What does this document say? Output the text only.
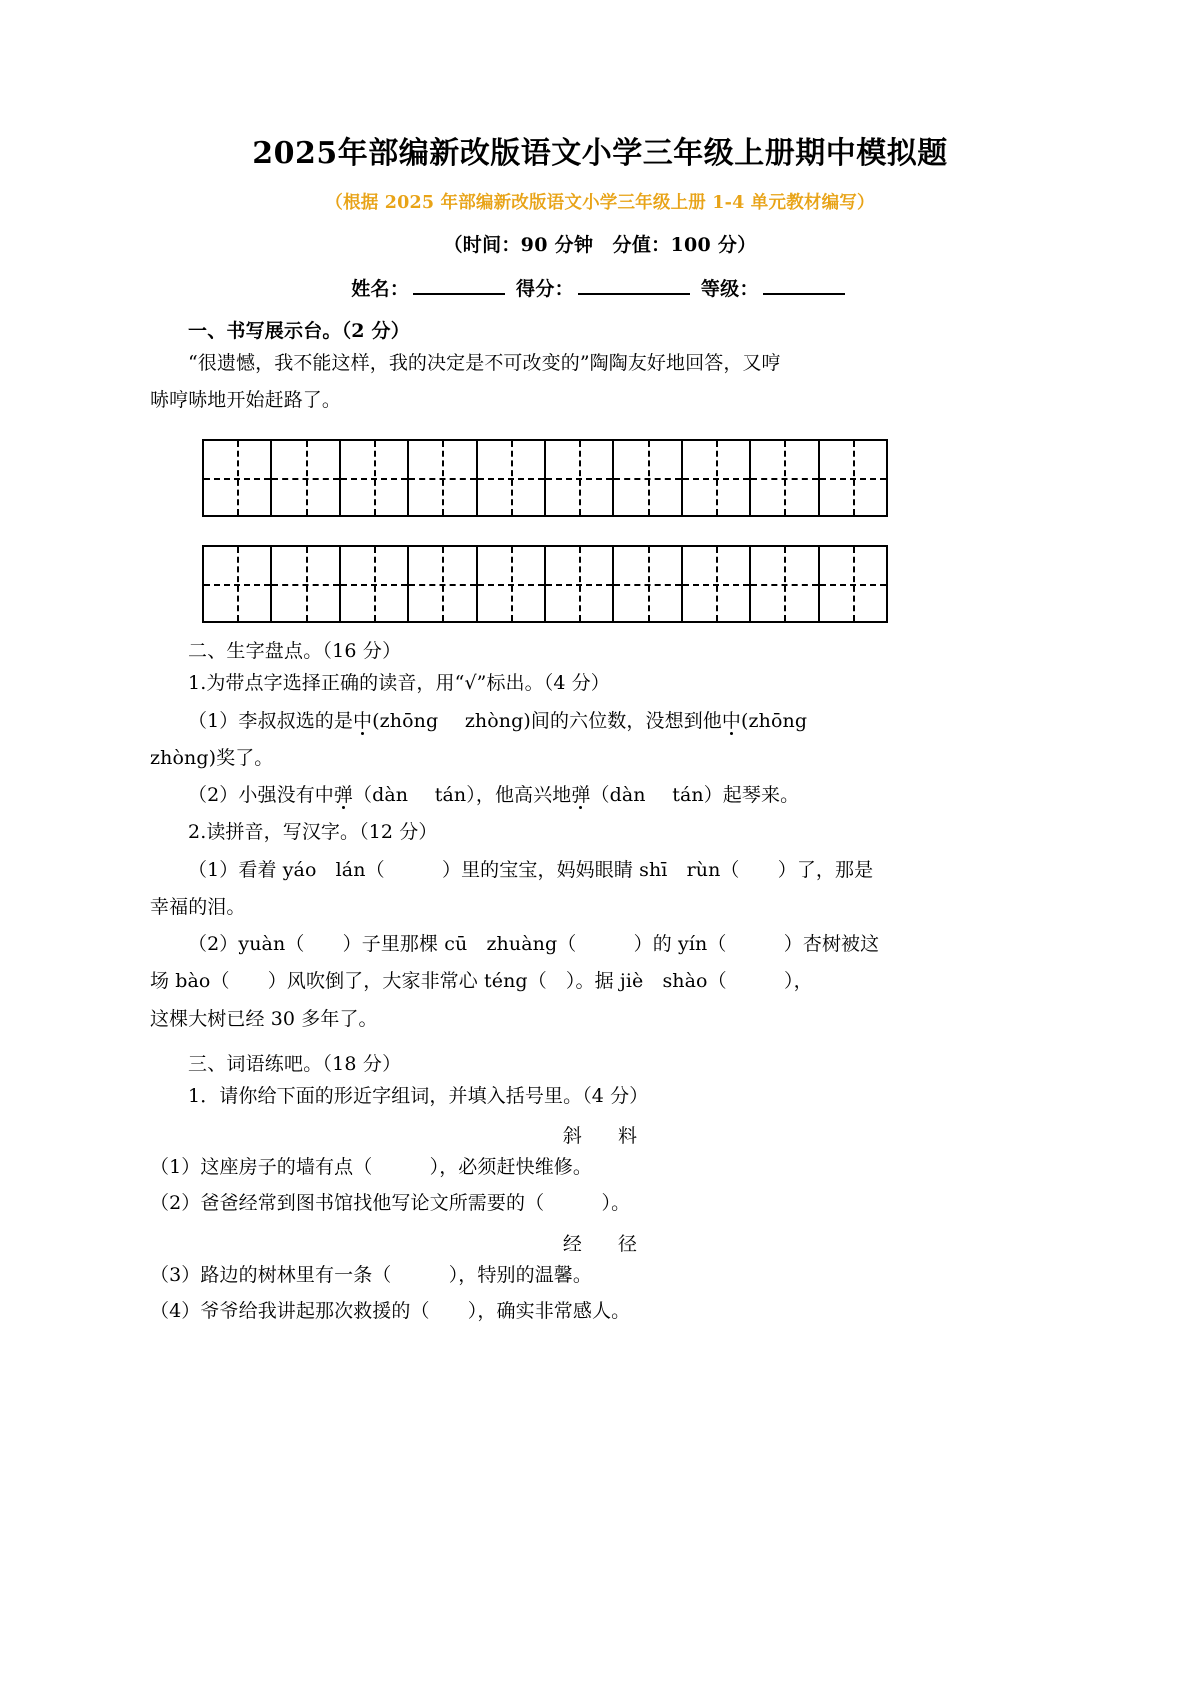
2025年部编新改版语文小学三年级上册期中模拟题
（根据 2025 年部编新改版语文小学三年级上册 1-4 单元教材编写）
（时间：90 分钟　分值：100 分）
姓名：	得分：	等级：
一、书写展示台。（2 分）
“很遗憾，我不能这样，我的决定是不可改变的”陶陶友好地回答，又哼
哧哼哧地开始赶路了。
二、生字盘点。（16 分）
1.为带点字选择正确的读音，用“√”标出。（4 分）
（1）李叔叔选的是中(zhōng zhòng)间的六位数，没想到他中(zhōng
zhòng)奖了。
（2）小强没有中弹（dàn tán），他高兴地弹（dàn tán）起琴来。
2.读拼音，写汉字。（12 分）
（1）看着 yáo　lán（　　　）里的宝宝，妈妈眼睛 shī　rùn（　　）了，那是
幸福的泪。
（2）yuàn（　　）子里那棵 cū　zhuàng（　　　）的 yín（　　　）杏树被这
场 bào（　　）风吹倒了，大家非常心 téng（　）。据 jiè　shào（　　　），
这棵大树已经 30 多年了。
三、词语练吧。（18 分）
1．请你给下面的形近字组词，并填入括号里。（4 分）
斜 料
（1）这座房子的墙有点（　　　），必须赶快维修。
（2）爸爸经常到图书馆找他写论文所需要的（　　　）。
经 径
（3）路边的树林里有一条（　　　），特别的温馨。
（4）爷爷给我讲起那次救援的（　　），确实非常感人。
